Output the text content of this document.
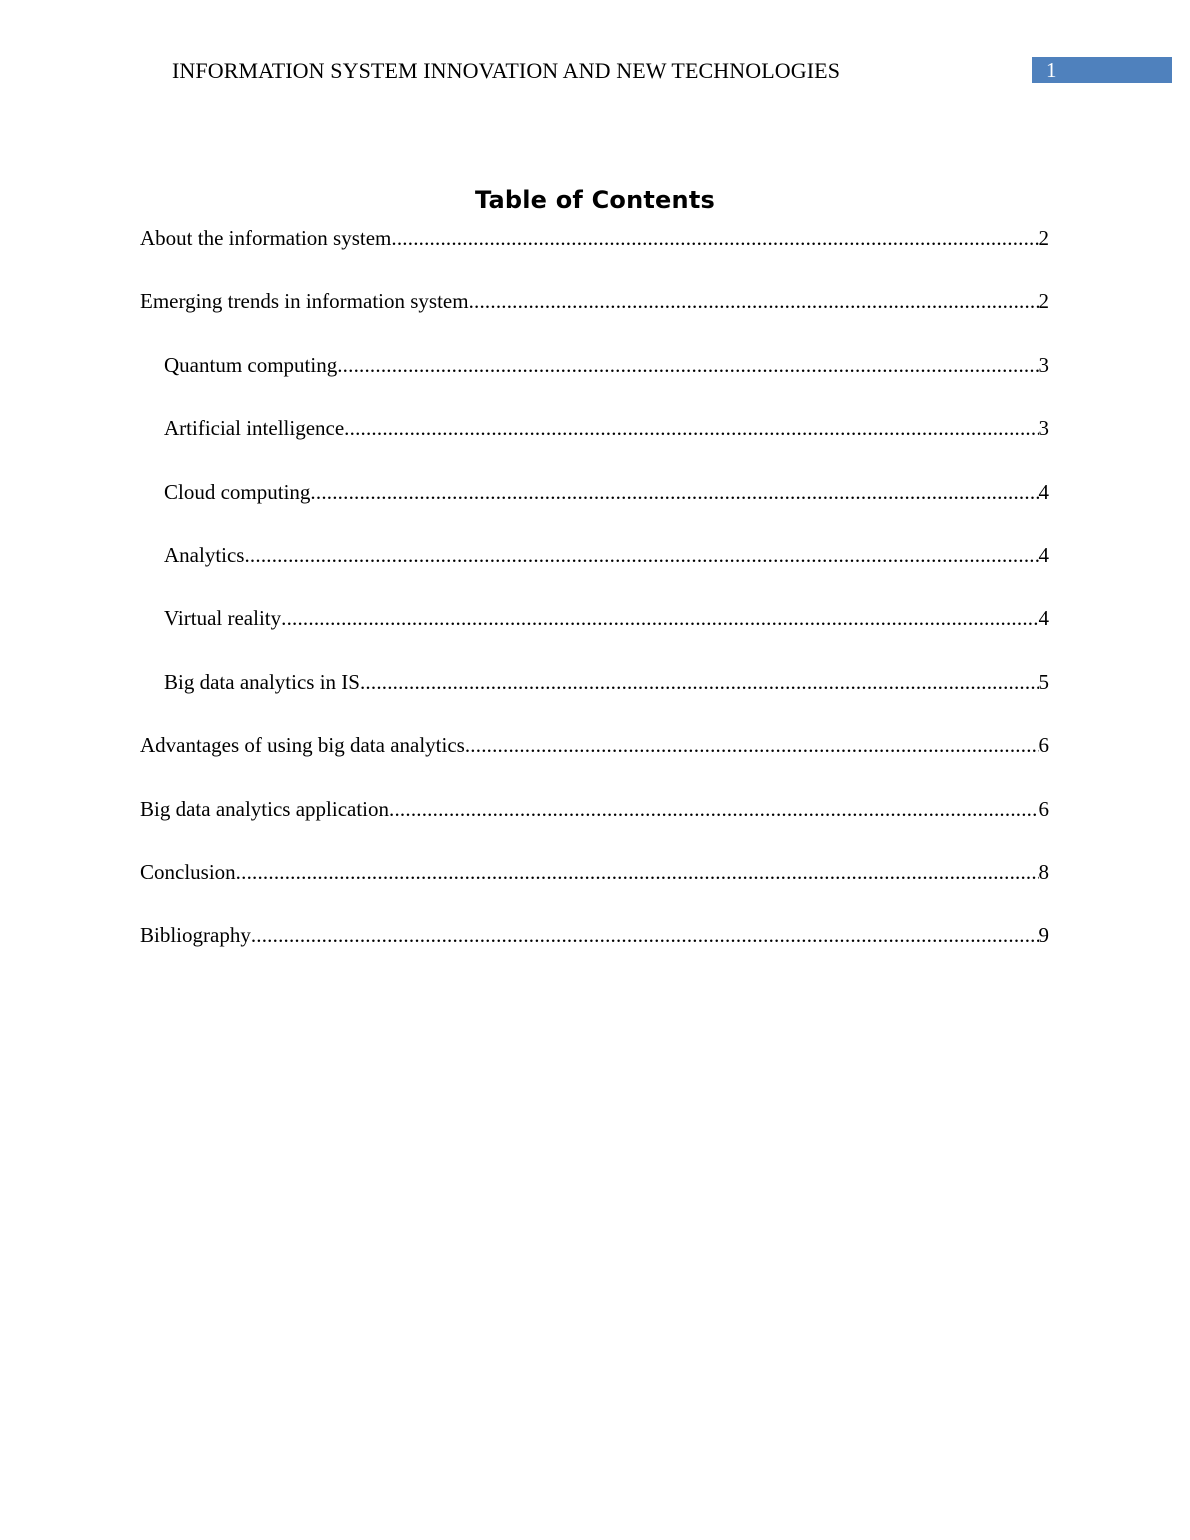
INFORMATION SYSTEM INNOVATION AND NEW TECHNOLOGIES	1
Table of Contents
About the information system .....	2
Emerging trends in information system .....	2
Quantum computing .....	3
Artificial intelligence .....	3
Cloud computing .....	4
Analytics .....	4
Virtual reality .....	4
Big data analytics in IS .....	5
Advantages of using big data analytics .....	6
Big data analytics application .....	6
Conclusion .....	8
Bibliography .....	9
